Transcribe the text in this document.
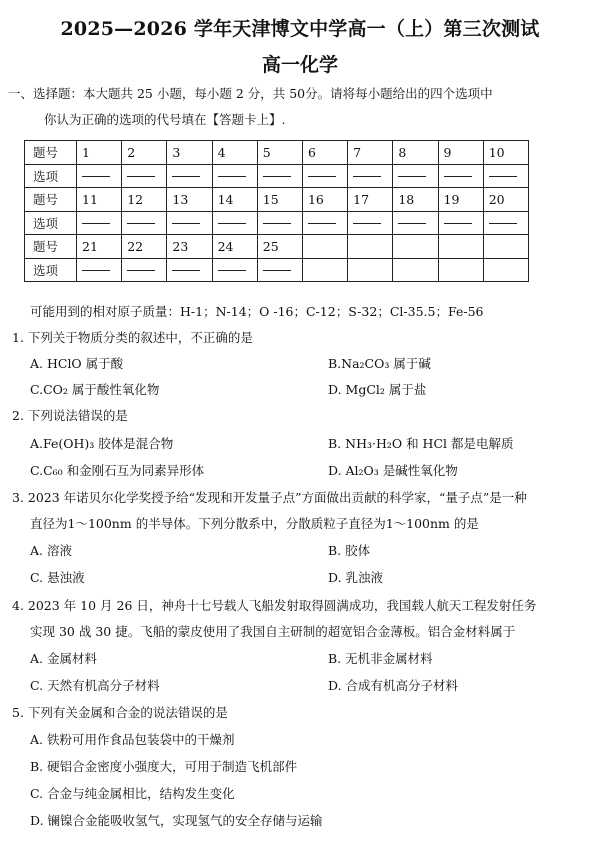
2025—2026 学年天津博文中学高一（上）第三次测试
高一化学
一、选择题：本大题共 25 小题，每小题 2 分，共 50分。请将每小题给出的四个选项中
你认为正确的选项的代号填在【答题卡上】.
题号	1	2	3	4	5	6	7	8	9	10
选项										
题号	11	12	13	14	15	16	17	18	19	20
选项										
题号	21	22	23	24	25					
选项										
可能用到的相对原子质量：H-1；N-14；O -16；C-12；S-32；Cl-35.5；Fe-56
1. 下列关于物质分类的叙述中，不正确的是
A. HClO 属于酸	B.Na₂CO₃ 属于碱
C.CO₂ 属于酸性氧化物	D. MgCl₂ 属于盐
2. 下列说法错误的是
A.Fe(OH)₃ 胶体是混合物	B. NH₃·H₂O 和 HCl 都是电解质
C.C₆₀ 和金刚石互为同素异形体	D. Al₂O₃ 是碱性氧化物
3. 2023 年诺贝尔化学奖授予给“发现和开发量子点”方面做出贡献的科学家，“量子点”是一种
直径为1～100nm 的半导体。下列分散系中，分散质粒子直径为1～100nm 的是
A. 溶液	B. 胶体
C. 悬浊液	D. 乳浊液
4. 2023 年 10 月 26 日，神舟十七号载人飞船发射取得圆满成功，我国载人航天工程发射任务
实现 30 战 30 捷。飞船的蒙皮使用了我国自主研制的超宽铝合金薄板。铝合金材料属于
A. 金属材料	B. 无机非金属材料
C. 天然有机高分子材料	D. 合成有机高分子材料
5. 下列有关金属和合金的说法错误的是
A. 铁粉可用作食品包装袋中的干燥剂
B. 硬铝合金密度小强度大，可用于制造飞机部件
C. 合金与纯金属相比，结构发生变化
D. 镧镍合金能吸收氢气，实现氢气的安全存储与运输
